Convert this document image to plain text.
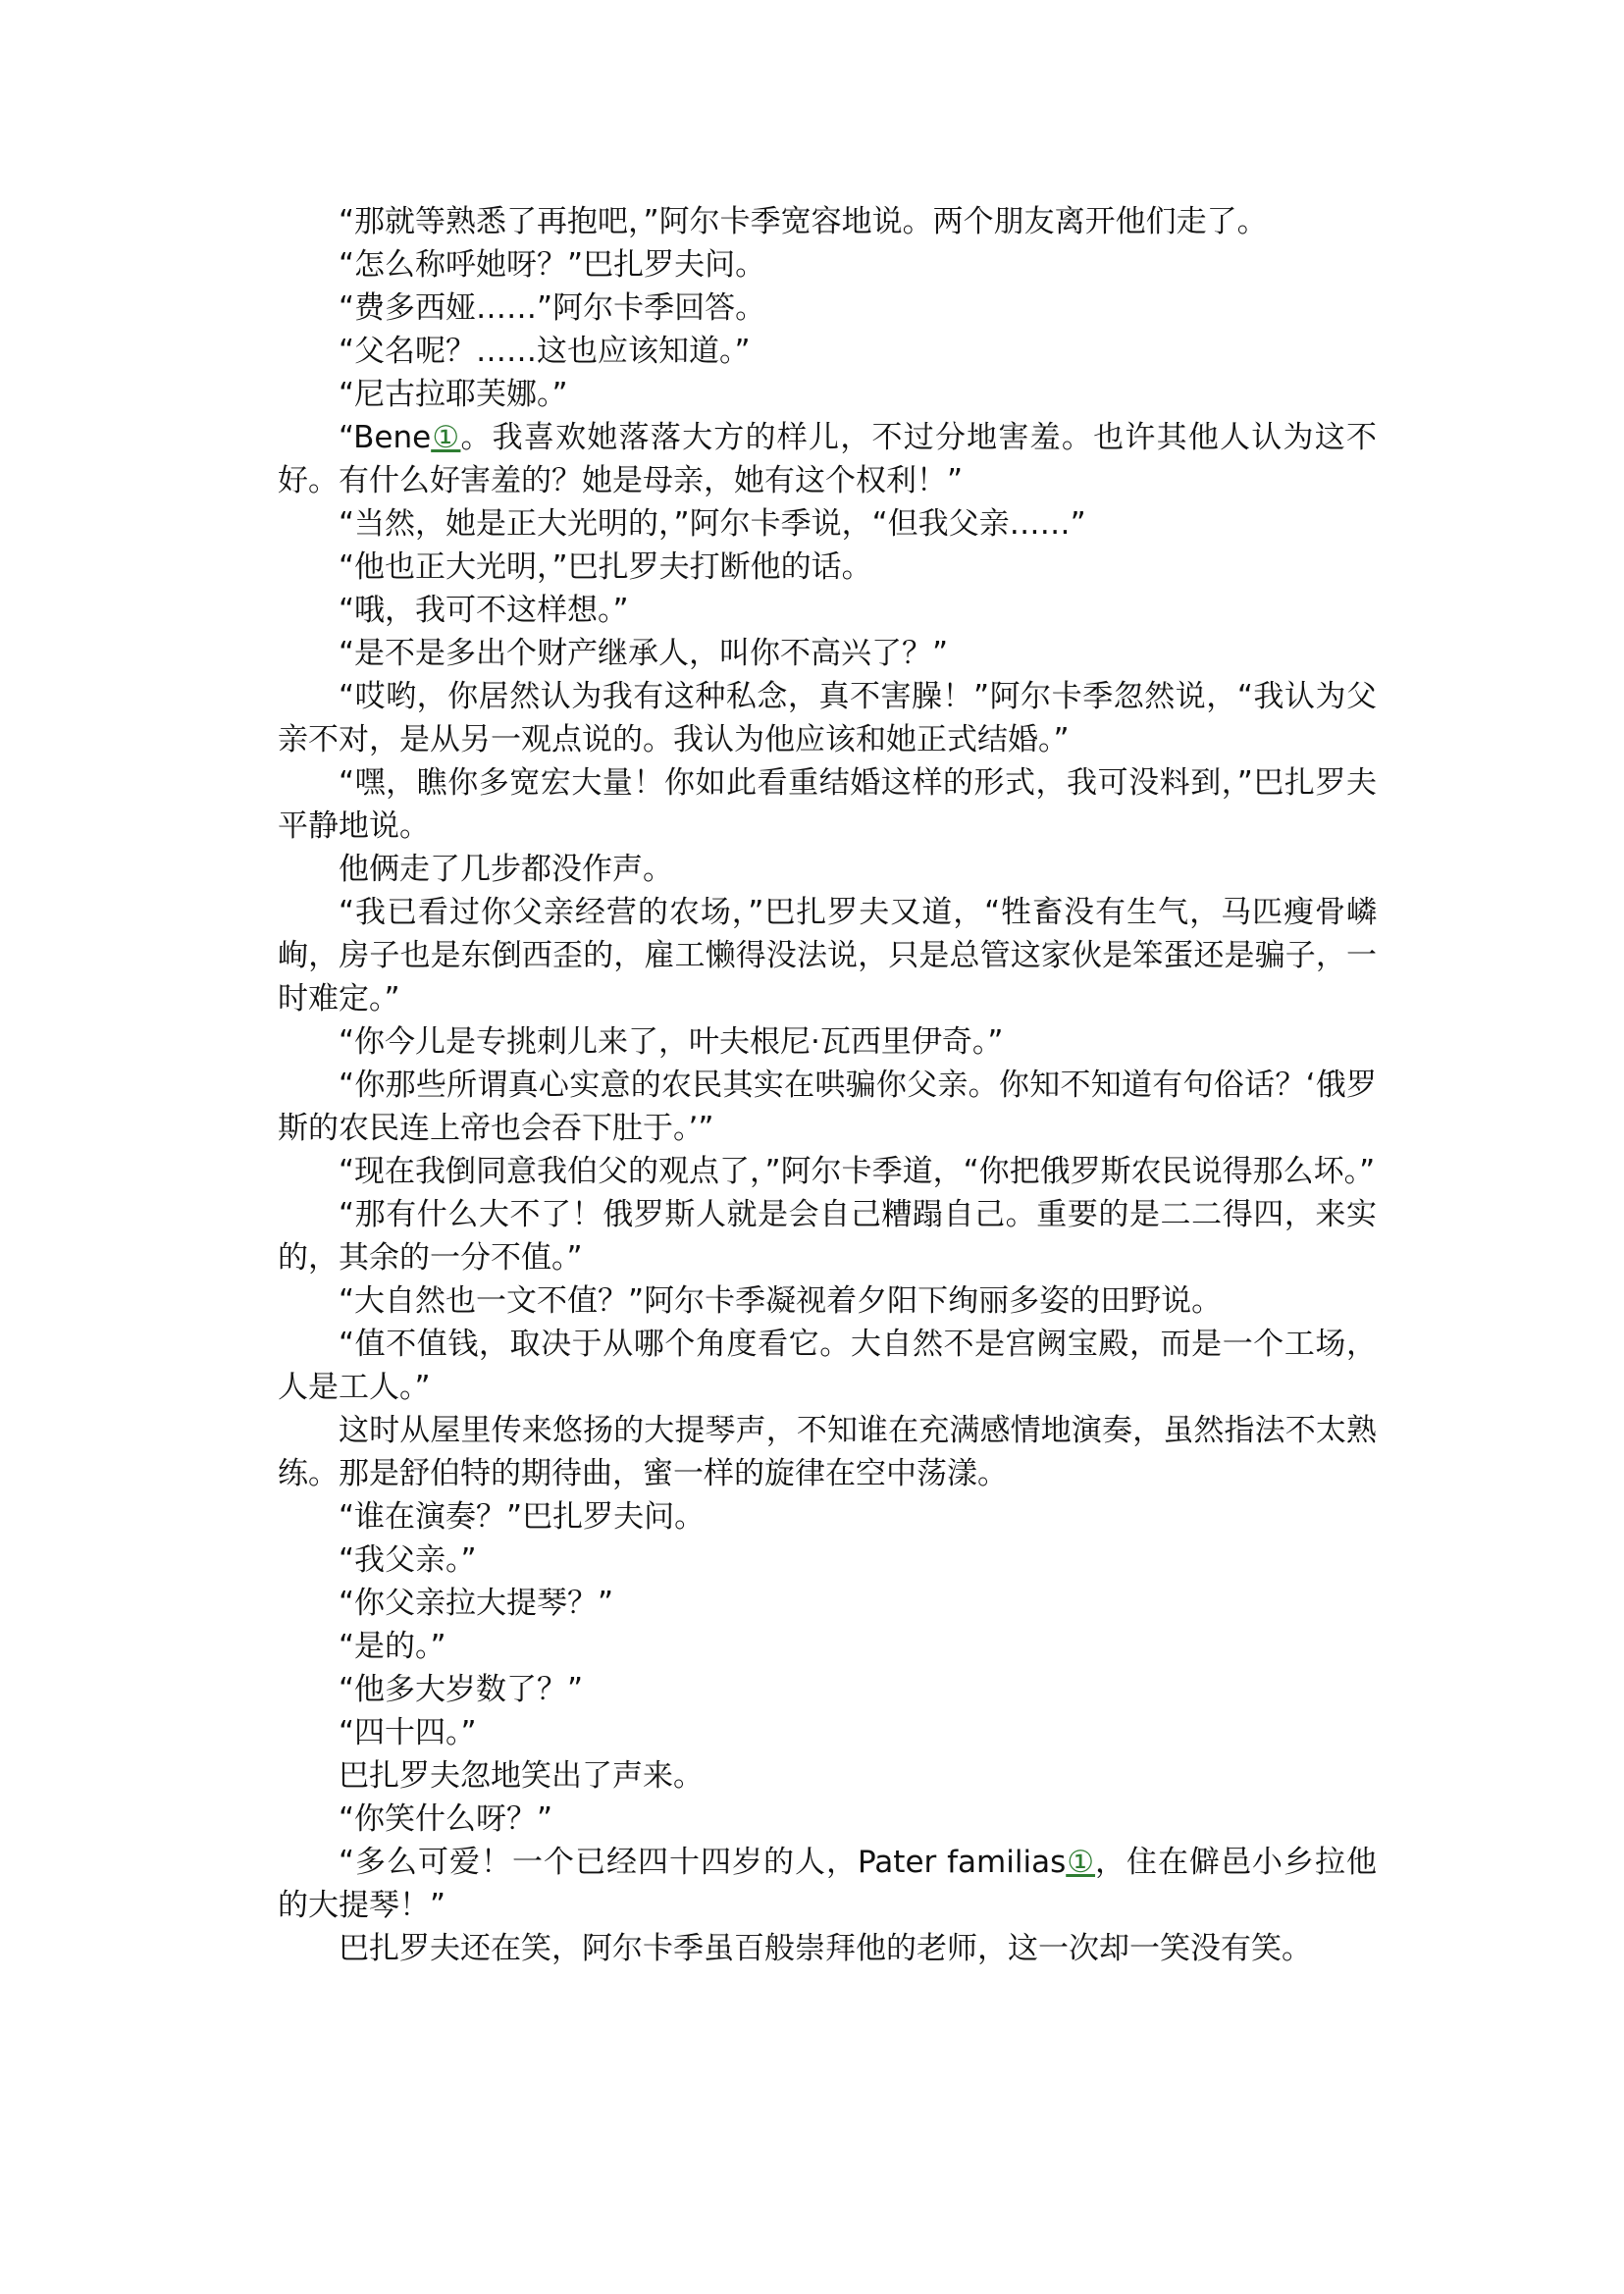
“那就等熟悉了再抱吧，”阿尔卡季宽容地说。两个朋友离开他们走了。

“怎么称呼她呀？”巴扎罗夫问。

“费多西娅……”阿尔卡季回答。

“父名呢？……这也应该知道。”

“尼古拉耶芙娜。”

“Bene①。我喜欢她落落大方的样儿，不过分地害羞。也许其他人认为这不好。有什么好害羞的？她是母亲，她有这个权利！”

“当然，她是正大光明的，”阿尔卡季说，“但我父亲……”

“他也正大光明，”巴扎罗夫打断他的话。

“哦，我可不这样想。”

“是不是多出个财产继承人，叫你不高兴了？”

“哎哟，你居然认为我有这种私念，真不害臊！”阿尔卡季忽然说，“我认为父亲不对，是从另一观点说的。我认为他应该和她正式结婚。”

“嘿，瞧你多宽宏大量！你如此看重结婚这样的形式，我可没料到，”巴扎罗夫平静地说。

他俩走了几步都没作声。

“我已看过你父亲经营的农场，”巴扎罗夫又道，“牲畜没有生气，马匹瘦骨嶙峋，房子也是东倒西歪的，雇工懒得没法说，只是总管这家伙是笨蛋还是骗子，一时难定。”

“你今儿是专挑刺儿来了，叶夫根尼·瓦西里伊奇。”

“你那些所谓真心实意的农民其实在哄骗你父亲。你知不知道有句俗话？‘俄罗斯的农民连上帝也会吞下肚于。’”

“现在我倒同意我伯父的观点了，”阿尔卡季道，“你把俄罗斯农民说得那么坏。”

“那有什么大不了！俄罗斯人就是会自己糟蹋自己。重要的是二二得四，来实的，其余的一分不值。”

“大自然也一文不值？”阿尔卡季凝视着夕阳下绚丽多姿的田野说。

“值不值钱，取决于从哪个角度看它。大自然不是宫阙宝殿，而是一个工场，人是工人。”

这时从屋里传来悠扬的大提琴声，不知谁在充满感情地演奏，虽然指法不太熟练。那是舒伯特的期待曲，蜜一样的旋律在空中荡漾。

“谁在演奏？”巴扎罗夫问。

“我父亲。”

“你父亲拉大提琴？”

“是的。”

“他多大岁数了？”

“四十四。”

巴扎罗夫忽地笑出了声来。

“你笑什么呀？”

“多么可爱！一个已经四十四岁的人，Pater familias①，住在僻邑小乡拉他的大提琴！”

巴扎罗夫还在笑，阿尔卡季虽百般崇拜他的老师，这一次却一笑没有笑。
